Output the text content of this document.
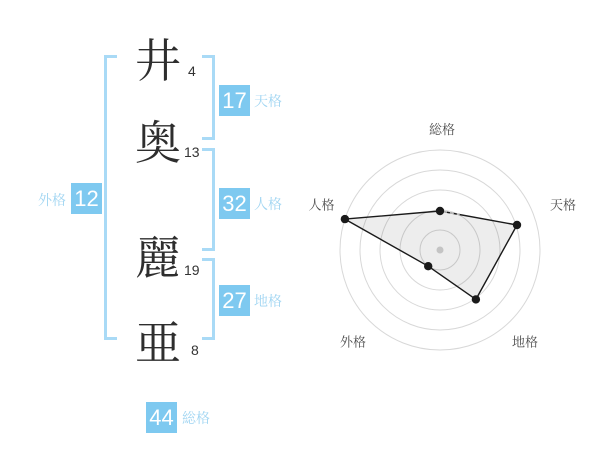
井
奥
麗
亜
4
13
19
8
17 天格
32 人格
27 地格
外格 12
44 総格
総格
天格
地格
外格
人格
